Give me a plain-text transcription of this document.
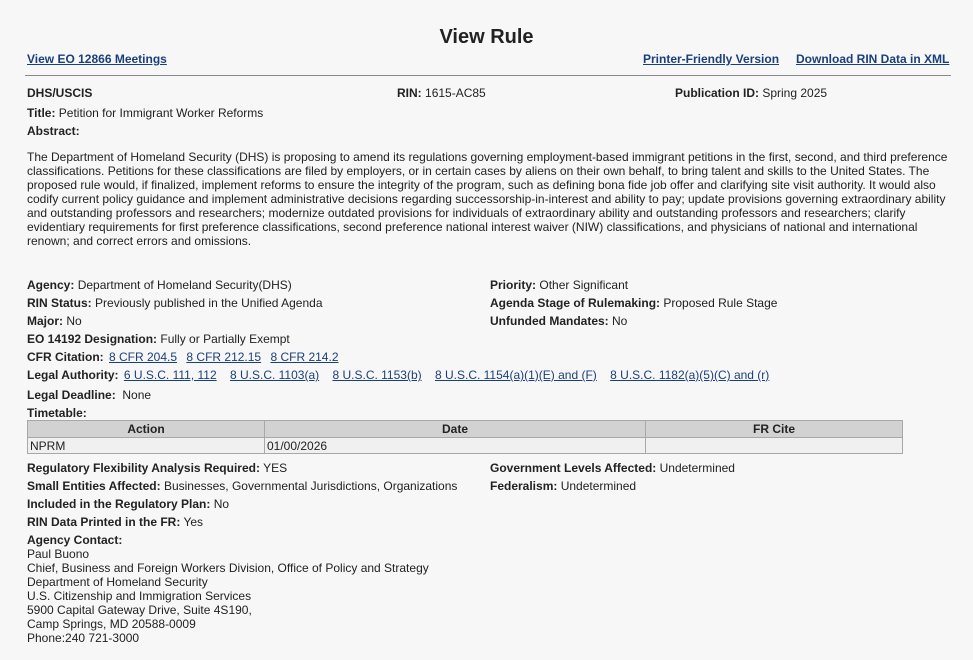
View Rule
View EO 12866 Meetings	Printer-Friendly Version Download RIN Data in XML
DHS/USCIS	RIN: 1615-AC85	Publication ID: Spring 2025
Title: Petition for Immigrant Worker Reforms
Abstract:
The Department of Homeland Security (DHS) is proposing to amend its regulations governing employment-based immigrant petitions in the first, second, and third preference classifications. Petitions for these classifications are filed by employers, or in certain cases by aliens on their own behalf, to bring talent and skills to the United States. The proposed rule would, if finalized, implement reforms to ensure the integrity of the program, such as defining bona fide job offer and clarifying site visit authority. It would also codify current policy guidance and implement administrative decisions regarding successorship-in-interest and ability to pay; update provisions governing extraordinary ability and outstanding professors and researchers; modernize outdated provisions for individuals of extraordinary ability and outstanding professors and researchers; clarify evidentiary requirements for first preference classifications, second preference national interest waiver (NIW) classifications, and physicians of national and international renown; and correct errors and omissions.
Agency: Department of Homeland Security(DHS)	Priority: Other Significant
RIN Status: Previously published in the Unified Agenda	Agenda Stage of Rulemaking: Proposed Rule Stage
Major: No	Unfunded Mandates: No
EO 14192 Designation: Fully or Partially Exempt
CFR Citation: 8 CFR 204.5 8 CFR 212.15 8 CFR 214.2
Legal Authority: 6 U.S.C. 111, 112 8 U.S.C. 1103(a) 8 U.S.C. 1153(b) 8 U.S.C. 1154(a)(1)(E) and (F) 8 U.S.C. 1182(a)(5)(C) and (r)
Legal Deadline: None
Timetable:
Action	Date	FR Cite
NPRM	01/00/2026	
Regulatory Flexibility Analysis Required: YES	Government Levels Affected: Undetermined
Small Entities Affected: Businesses, Governmental Jurisdictions, Organizations	Federalism: Undetermined
Included in the Regulatory Plan: No
RIN Data Printed in the FR: Yes
Agency Contact:
Paul Buono
Chief, Business and Foreign Workers Division, Office of Policy and Strategy
Department of Homeland Security
U.S. Citizenship and Immigration Services
5900 Capital Gateway Drive, Suite 4S190,
Camp Springs, MD 20588-0009
Phone:240 721-3000
